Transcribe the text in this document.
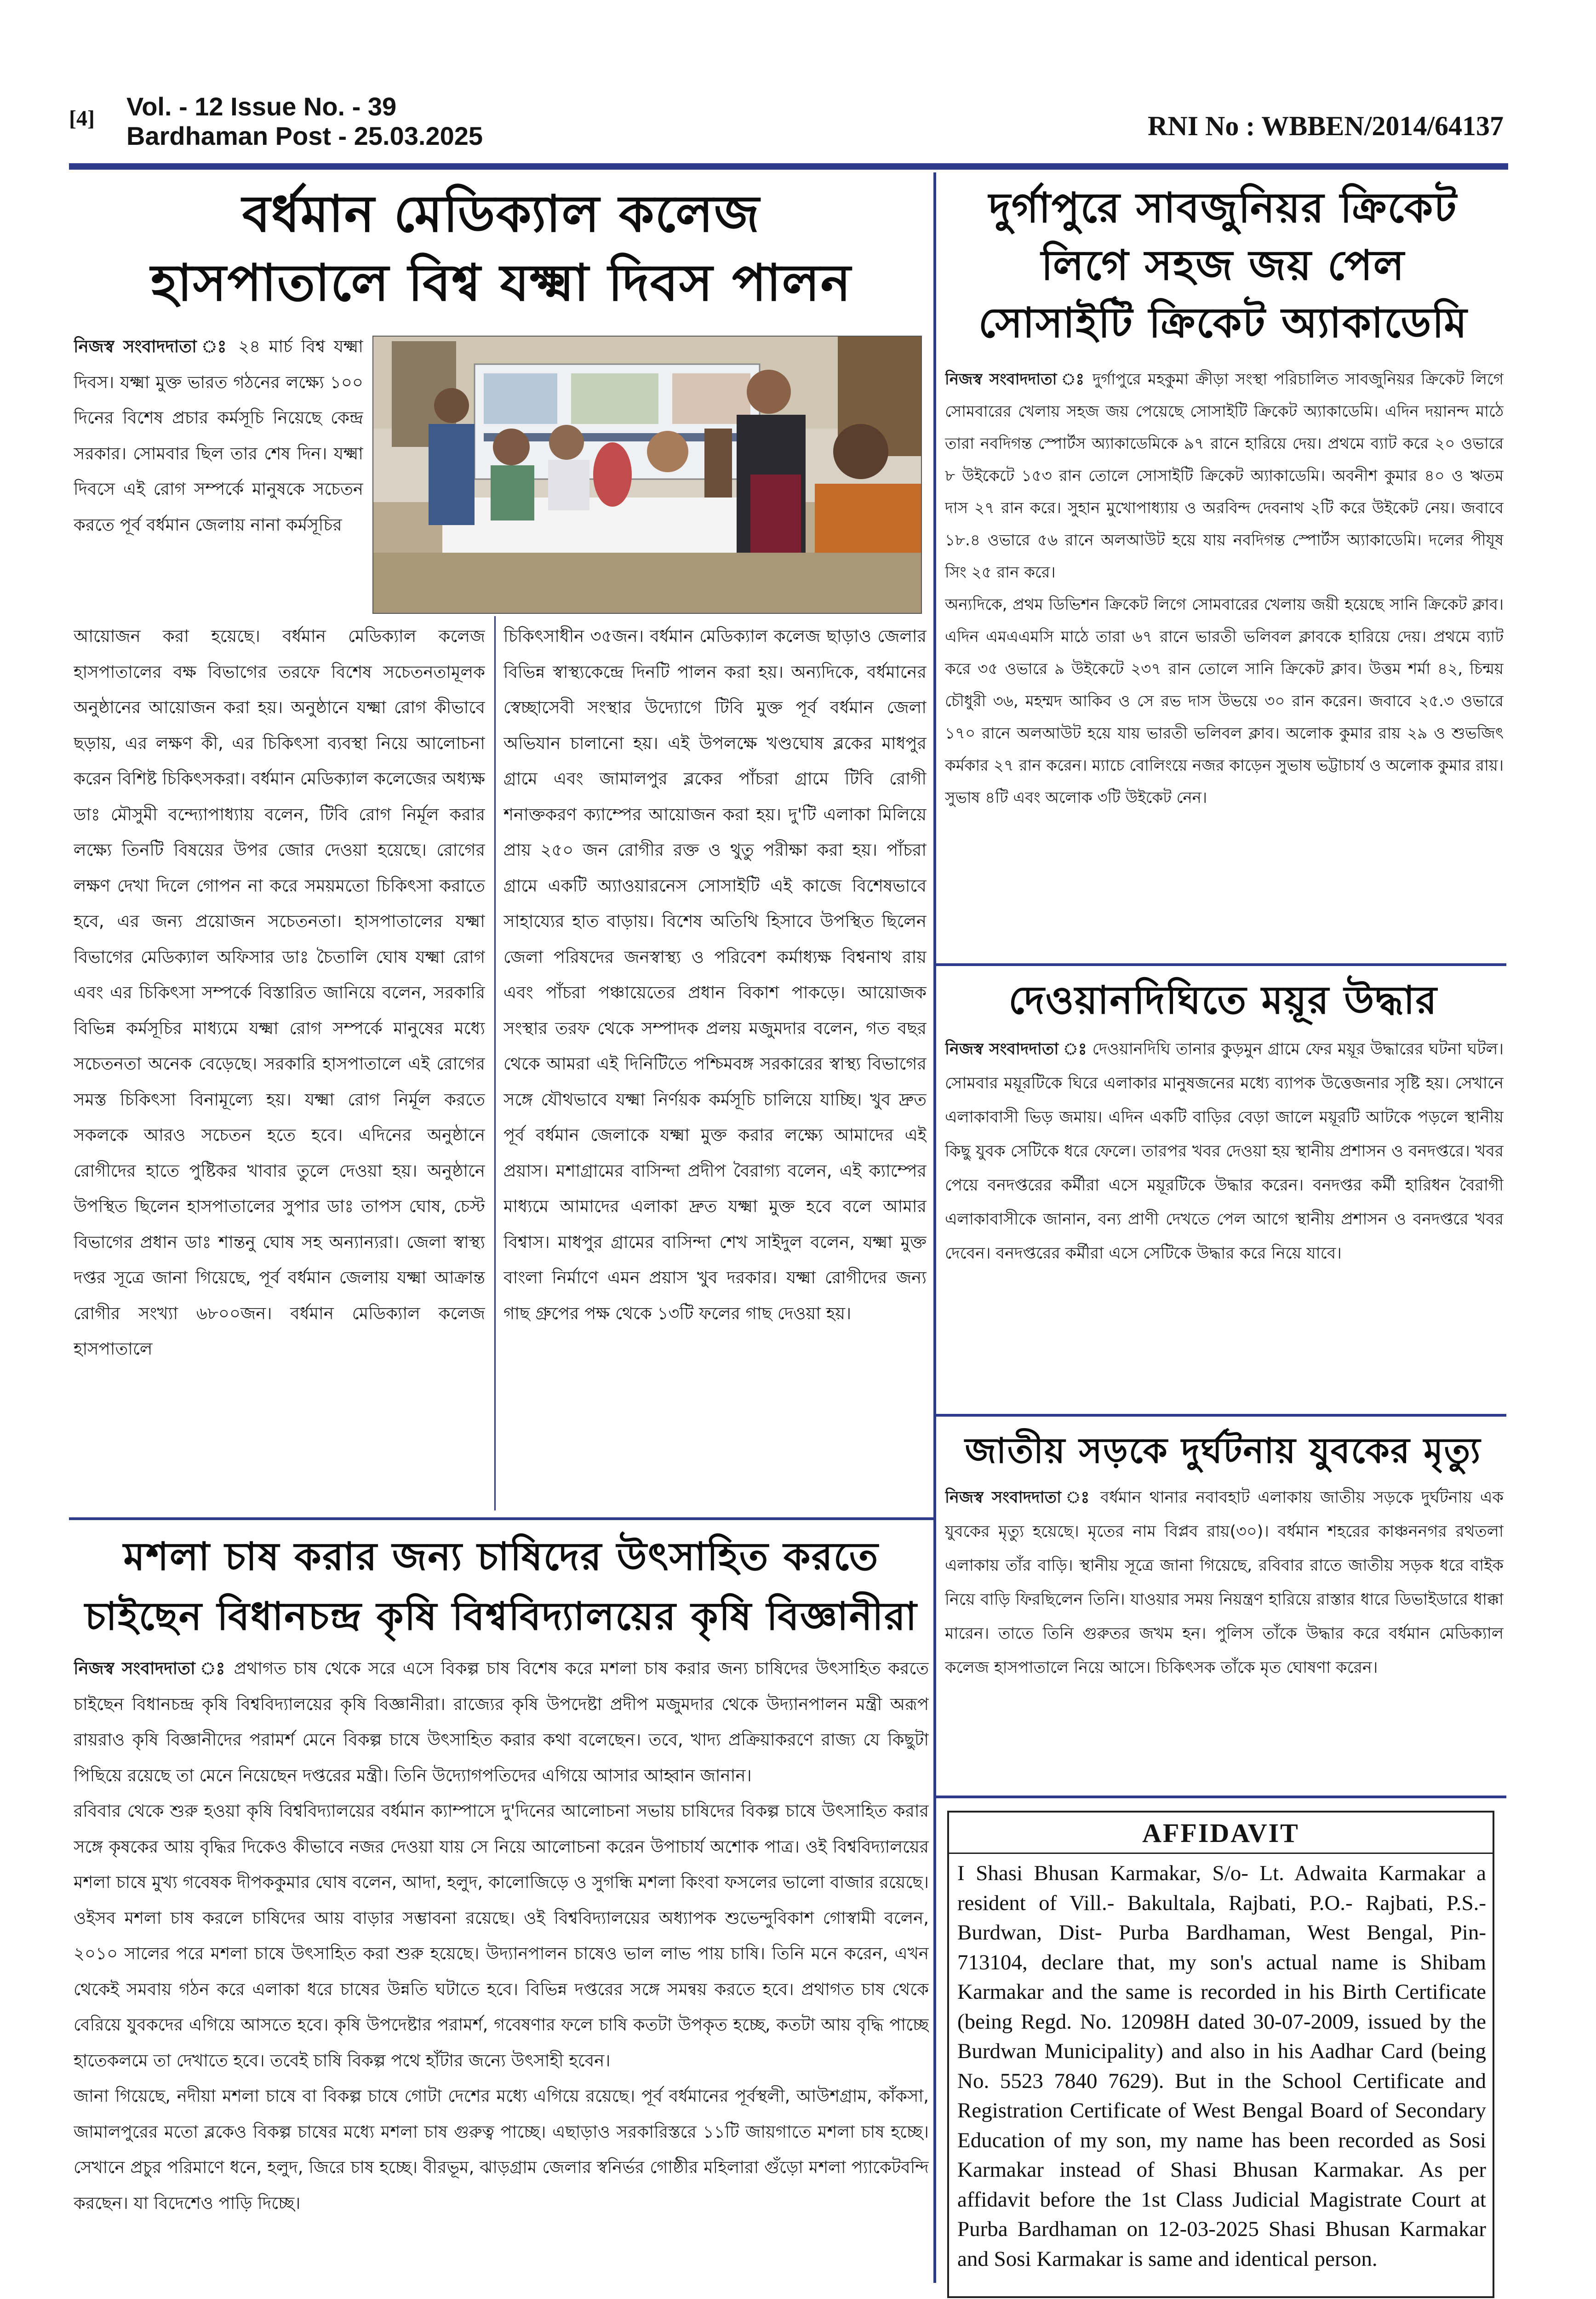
[4] Vol. - 12 Issue No. - 39
Bardhaman Post - 25.03.2025	RNI No : WBBEN/2014/64137
বর্ধমান মেডিক্যাল কলেজ
হাসপাতালে বিশ্ব যক্ষ্মা দিবস পালন
নিজস্ব সংবাদদাতা ঃ ২৪ মার্চ বিশ্ব যক্ষ্মা দিবস। যক্ষ্মা মুক্ত ভারত গঠনের লক্ষ্যে ১০০ দিনের বিশেষ প্রচার কর্মসূচি নিয়েছে কেন্দ্র সরকার। সোমবার ছিল তার শেষ দিন। যক্ষ্মা দিবসে এই রোগ সম্পর্কে মানুষকে সচেতন করতে পূর্ব বর্ধমান জেলায় নানা কর্মসূচির
আয়োজন করা হয়েছে। বর্ধমান মেডিক্যাল কলেজ হাসপাতালের বক্ষ বিভাগের তরফে বিশেষ সচেতনতামূলক অনুষ্ঠানের আয়োজন করা হয়। অনুষ্ঠানে যক্ষ্মা রোগ কীভাবে ছড়ায়, এর লক্ষণ কী, এর চিকিৎসা ব্যবস্থা নিয়ে আলোচনা করেন বিশিষ্ট চিকিৎসকরা। বর্ধমান মেডিক্যাল কলেজের অধ্যক্ষ ডাঃ মৌসুমী বন্দ্যোপাধ্যায় বলেন, টিবি রোগ নির্মূল করার লক্ষ্যে তিনটি বিষয়ের উপর জোর দেওয়া হয়েছে। রোগের লক্ষণ দেখা দিলে গোপন না করে সময়মতো চিকিৎসা করাতে হবে, এর জন্য প্রয়োজন সচেতনতা। হাসপাতালের যক্ষ্মা বিভাগের মেডিক্যাল অফিসার ডাঃ চৈতালি ঘোষ যক্ষ্মা রোগ এবং এর চিকিৎসা সম্পর্কে বিস্তারিত জানিয়ে বলেন, সরকারি বিভিন্ন কর্মসূচির মাধ্যমে যক্ষ্মা রোগ সম্পর্কে মানুষের মধ্যে সচেতনতা অনেক বেড়েছে। সরকারি হাসপাতালে এই রোগের সমস্ত চিকিৎসা বিনামূল্যে হয়। যক্ষ্মা রোগ নির্মূল করতে সকলকে আরও সচেতন হতে হবে। এদিনের অনুষ্ঠানে রোগীদের হাতে পুষ্টিকর খাবার তুলে দেওয়া হয়। অনুষ্ঠানে উপস্থিত ছিলেন হাসপাতালের সুপার ডাঃ তাপস ঘোষ, চেস্ট বিভাগের প্রধান ডাঃ শান্তনু ঘোষ সহ অন্যান্যরা। জেলা স্বাস্থ্য দপ্তর সূত্রে জানা গিয়েছে, পূর্ব বর্ধমান জেলায় যক্ষ্মা আক্রান্ত রোগীর সংখ্যা ৬৮০০জন। বর্ধমান মেডিক্যাল কলেজ হাসপাতালে
চিকিৎসাধীন ৩৫জন। বর্ধমান মেডিক্যাল কলেজ ছাড়াও জেলার বিভিন্ন স্বাস্থ্যকেন্দ্রে দিনটি পালন করা হয়। অন্যদিকে, বর্ধমানের স্বেচ্ছাসেবী সংস্থার উদ্যোগে টিবি মুক্ত পূর্ব বর্ধমান জেলা অভিযান চালানো হয়। এই উপলক্ষে খণ্ডঘোষ ব্লকের মাধপুর গ্রামে এবং জামালপুর ব্লকের পাঁচরা গ্রামে টিবি রোগী শনাক্তকরণ ক্যাম্পের আয়োজন করা হয়। দু'টি এলাকা মিলিয়ে প্রায় ২৫০ জন রোগীর রক্ত ও থুতু পরীক্ষা করা হয়। পাঁচরা গ্রামে একটি অ্যাওয়ারনেস সোসাইটি এই কাজে বিশেষভাবে সাহায্যের হাত বাড়ায়। বিশেষ অতিথি হিসাবে উপস্থিত ছিলেন জেলা পরিষদের জনস্বাস্থ্য ও পরিবেশ কর্মাধ্যক্ষ বিশ্বনাথ রায় এবং পাঁচরা পঞ্চায়েতের প্রধান বিকাশ পাকড়ে। আয়োজক সংস্থার তরফ থেকে সম্পাদক প্রলয় মজুমদার বলেন, গত বছর থেকে আমরা এই দিনিটিতে পশ্চিমবঙ্গ সরকারের স্বাস্থ্য বিভাগের সঙ্গে যৌথভাবে যক্ষ্মা নির্ণয়ক কর্মসূচি চালিয়ে যাচ্ছি। খুব দ্রুত পূর্ব বর্ধমান জেলাকে যক্ষ্মা মুক্ত করার লক্ষ্যে আমাদের এই প্রয়াস। মশাগ্রামের বাসিন্দা প্রদীপ বৈরাগ্য বলেন, এই ক্যাম্পের মাধ্যমে আমাদের এলাকা দ্রুত যক্ষ্মা মুক্ত হবে বলে আমার বিশ্বাস। মাধপুর গ্রামের বাসিন্দা শেখ সাইদুল বলেন, যক্ষ্মা মুক্ত বাংলা নির্মাণে এমন প্রয়াস খুব দরকার। যক্ষ্মা রোগীদের জন্য গাছ গ্রুপের পক্ষ থেকে ১৩টি ফলের গাছ দেওয়া হয়।
মশলা চাষ করার জন্য চাষিদের উৎসাহিত করতে
চাইছেন বিধানচন্দ্র কৃষি বিশ্ববিদ্যালয়ের কৃষি বিজ্ঞানীরা
নিজস্ব সংবাদদাতা ঃ প্রথাগত চাষ থেকে সরে এসে বিকল্প চাষ বিশেষ করে মশলা চাষ করার জন্য চাষিদের উৎসাহিত করতে চাইছেন বিধানচন্দ্র কৃষি বিশ্ববিদ্যালয়ের কৃষি বিজ্ঞানীরা। রাজ্যের কৃষি উপদেষ্টা প্রদীপ মজুমদার থেকে উদ্যানপালন মন্ত্রী অরূপ রায়রাও কৃষি বিজ্ঞানীদের পরামর্শ মেনে বিকল্প চাষে উৎসাহিত করার কথা বলেছেন। তবে, খাদ্য প্রক্রিয়াকরণে রাজ্য যে কিছুটা পিছিয়ে রয়েছে তা মেনে নিয়েছেন দপ্তরের মন্ত্রী। তিনি উদ্যোগপতিদের এগিয়ে আসার আহ্বান জানান।
রবিবার থেকে শুরু হওয়া কৃষি বিশ্ববিদ্যালয়ের বর্ধমান ক্যাম্পাসে দু'দিনের আলোচনা সভায় চাষিদের বিকল্প চাষে উৎসাহিত করার সঙ্গে কৃষকের আয় বৃদ্ধির দিকেও কীভাবে নজর দেওয়া যায় সে নিয়ে আলোচনা করেন উপাচার্য অশোক পাত্র। ওই বিশ্ববিদ্যালয়ের মশলা চাষে মুখ্য গবেষক দীপককুমার ঘোষ বলেন, আদা, হলুদ, কালোজিড়ে ও সুগন্ধি মশলা কিংবা ফসলের ভালো বাজার রয়েছে। ওইসব মশলা চাষ করলে চাষিদের আয় বাড়ার সম্ভাবনা রয়েছে। ওই বিশ্ববিদ্যালয়ের অধ্যাপক শুভেন্দুবিকাশ গোস্বামী বলেন, ২০১০ সালের পরে মশলা চাষে উৎসাহিত করা শুরু হয়েছে। উদ্যানপালন চাষেও ভাল লাভ পায় চাষি। তিনি মনে করেন, এখন থেকেই সমবায় গঠন করে এলাকা ধরে চাষের উন্নতি ঘটাতে হবে। বিভিন্ন দপ্তরের সঙ্গে সমন্বয় করতে হবে। প্রথাগত চাষ থেকে বেরিয়ে যুবকদের এগিয়ে আসতে হবে। কৃষি উপদেষ্টার পরামর্শ, গবেষণার ফলে চাষি কতটা উপকৃত হচ্ছে, কতটা আয় বৃদ্ধি পাচ্ছে হাতেকলমে তা দেখাতে হবে। তবেই চাষি বিকল্প পথে হাঁটার জন্যে উৎসাহী হবেন।
জানা গিয়েছে, নদীয়া মশলা চাষে বা বিকল্প চাষে গোটা দেশের মধ্যে এগিয়ে রয়েছে। পূর্ব বর্ধমানের পূর্বস্থলী, আউশগ্রাম, কাঁকসা, জামালপুরের মতো ব্লকেও বিকল্প চাষের মধ্যে মশলা চাষ গুরুত্ব পাচ্ছে। এছাড়াও সরকারিস্তরে ১১টি জায়গাতে মশলা চাষ হচ্ছে। সেখানে প্রচুর পরিমাণে ধনে, হলুদ, জিরে চাষ হচ্ছে। বীরভূম, ঝাড়গ্রাম জেলার স্বনির্ভর গোষ্ঠীর মহিলারা গুঁড়ো মশলা প্যাকেটবন্দি করছেন। যা বিদেশেও পাড়ি দিচ্ছে।
দুর্গাপুরে সাবজুনিয়র ক্রিকেট
লিগে সহজ জয় পেল
সোসাইটি ক্রিকেট অ্যাকাডেমি
নিজস্ব সংবাদদাতা ঃ দুর্গাপুরে মহকুমা ক্রীড়া সংস্থা পরিচালিত সাবজুনিয়র ক্রিকেট লিগে সোমবারের খেলায় সহজ জয় পেয়েছে সোসাইটি ক্রিকেট অ্যাকাডেমি। এদিন দয়ানন্দ মাঠে তারা নবদিগন্ত স্পোর্টস অ্যাকাডেমিকে ৯৭ রানে হারিয়ে দেয়। প্রথমে ব্যাট করে ২০ ওভারে ৮ উইকেটে ১৫৩ রান তোলে সোসাইটি ক্রিকেট অ্যাকাডেমি। অবনীশ কুমার ৪০ ও ঋতম দাস ২৭ রান করে। সুহান মুখোপাধ্যায় ও অরবিন্দ দেবনাথ ২টি করে উইকেট নেয়। জবাবে ১৮.৪ ওভারে ৫৬ রানে অলআউট হয়ে যায় নবদিগন্ত স্পোর্টস অ্যাকাডেমি। দলের পীযূষ সিং ২৫ রান করে।
অন্যদিকে, প্রথম ডিভিশন ক্রিকেট লিগে সোমবারের খেলায় জয়ী হয়েছে সানি ক্রিকেট ক্লাব। এদিন এমএএমসি মাঠে তারা ৬৭ রানে ভারতী ভলিবল ক্লাবকে হারিয়ে দেয়। প্রথমে ব্যাট করে ৩৫ ওভারে ৯ উইকেটে ২৩৭ রান তোলে সানি ক্রিকেট ক্লাব। উত্তম শর্মা ৪২, চিন্ময় চৌধুরী ৩৬, মহম্মদ আকিব ও সে রভ দাস উভয়ে ৩০ রান করেন। জবাবে ২৫.৩ ওভারে ১৭০ রানে অলআউট হয়ে যায় ভারতী ভলিবল ক্লাব। অলোক কুমার রায় ২৯ ও শুভজিৎ কর্মকার ২৭ রান করেন। ম্যাচে বোলিংয়ে নজর কাড়েন সুভাষ ভট্টাচার্য ও অলোক কুমার রায়। সুভাষ ৪টি এবং অলোক ৩টি উইকেট নেন।
দেওয়ানদিঘিতে ময়ূর উদ্ধার
নিজস্ব সংবাদদাতা ঃ দেওয়ানদিঘি তানার কুড়মুন গ্রামে ফের ময়ূর উদ্ধারের ঘটনা ঘটল। সোমবার ময়ূরটিকে ঘিরে এলাকার মানুষজনের মধ্যে ব্যাপক উত্তেজনার সৃষ্টি হয়। সেখানে এলাকাবাসী ভিড় জমায়। এদিন একটি বাড়ির বেড়া জালে ময়ূরটি আটকে পড়লে স্থানীয় কিছু যুবক সেটিকে ধরে ফেলে। তারপর খবর দেওয়া হয় স্থানীয় প্রশাসন ও বনদপ্তরে। খবর পেয়ে বনদপ্তরের কর্মীরা এসে ময়ূরটিকে উদ্ধার করেন। বনদপ্তর কর্মী হারিধন বৈরাগী এলাকাবাসীকে জানান, বন্য প্রাণী দেখতে পেল আগে স্থানীয় প্রশাসন ও বনদপ্তরে খবর দেবেন। বনদপ্তরের কর্মীরা এসে সেটিকে উদ্ধার করে নিয়ে যাবে।
জাতীয় সড়কে দুর্ঘটনায় যুবকের মৃত্যু
নিজস্ব সংবাদদাতা ঃ বর্ধমান থানার নবাবহাট এলাকায় জাতীয় সড়কে দুর্ঘটনায় এক যুবকের মৃত্যু হয়েছে। মৃতের নাম বিপ্লব রায়(৩০)। বর্ধমান শহরের কাঞ্চননগর রথতলা এলাকায় তাঁর বাড়ি। স্থানীয় সূত্রে জানা গিয়েছে, রবিবার রাতে জাতীয় সড়ক ধরে বাইক নিয়ে বাড়ি ফিরছিলেন তিনি। যাওয়ার সময় নিয়ন্ত্রণ হারিয়ে রাস্তার ধারে ডিভাইডারে ধাক্কা মারেন। তাতে তিনি গুরুতর জখম হন। পুলিস তাঁকে উদ্ধার করে বর্ধমান মেডিক্যাল কলেজ হাসপাতালে নিয়ে আসে। চিকিৎসক তাঁকে মৃত ঘোষণা করেন।
AFFIDAVIT
I Shasi Bhusan Karmakar, S/o- Lt. Adwaita Karmakar a resident of Vill.- Bakultala, Rajbati, P.O.- Rajbati, P.S.- Burdwan, Dist- Purba Bardhaman, West Bengal, Pin- 713104, declare that, my son's actual name is Shibam Karmakar and the same is recorded in his Birth Certificate (being Regd. No. 12098H dated 30-07-2009, issued by the Burdwan Municipality) and also in his Aadhar Card (being No. 5523 7840 7629). But in the School Certificate and Registration Certificate of West Bengal Board of Secondary Education of my son, my name has been recorded as Sosi Karmakar instead of Shasi Bhusan Karmakar. As per affidavit before the 1st Class Judicial Magistrate Court at Purba Bardhaman on 12-03-2025 Shasi Bhusan Karmakar and Sosi Karmakar is same and identical person.
